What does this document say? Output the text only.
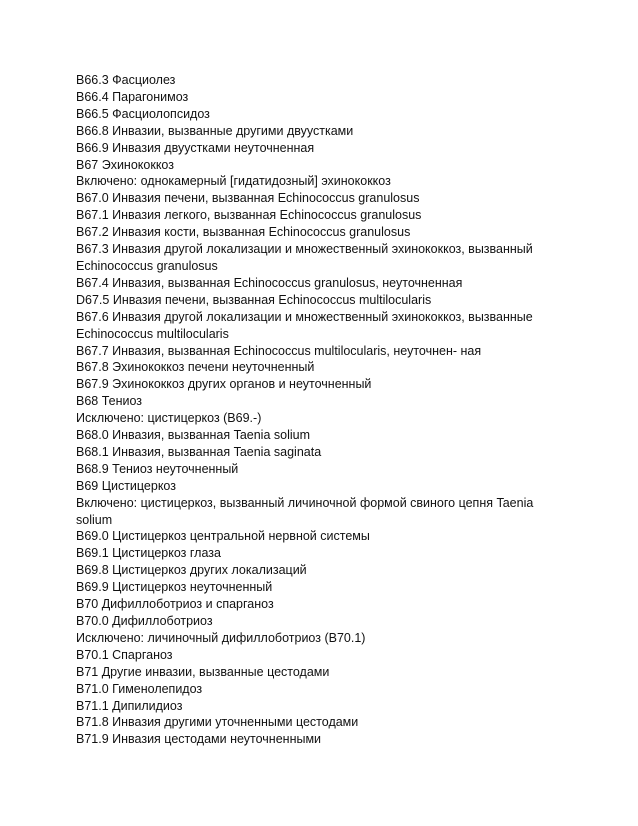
B66.3 Фасциолез
B66.4 Парагонимоз
B66.5 Фасциолопсидоз
B66.8 Инвазии, вызванные другими двуустками
B66.9 Инвазия двуустками неуточненная
B67 Эхинококкоз
Включено: однокамерный [гидатидозный] эхинококкоз
B67.0 Инвазия печени, вызванная Echinococcus granulosus
B67.1 Инвазия легкого, вызванная Echinococcus granulosus
B67.2 Инвазия кости, вызванная Echinococcus granulosus
B67.3 Инвазия другой локализации и множественный эхинококкоз, вызванный
Echinococcus granulosus
B67.4 Инвазия, вызванная Echinococcus granulosus, неуточненная
D67.5 Инвазия печени, вызванная Echinococcus multilocularis
B67.6 Инвазия другой локализации и множественный эхинококкоз, вызванные
Echinococcus multilocularis
B67.7 Инвазия, вызванная Echinococcus multilocularis, неуточнен- ная
B67.8 Эхинококкоз печени неуточненный
B67.9 Эхинококкоз других органов и неуточненный
B68 Тениоз
Исключено: цистицеркоз (B69.-)
B68.0 Инвазия, вызванная Taenia solium
B68.1 Инвазия, вызванная Taenia saginata
B68.9 Тениоз неуточненный
B69 Цистицеркоз
Включено: цистицеркоз, вызванный личиночной формой свиного цепня Taenia
solium
B69.0 Цистицеркоз центральной нервной системы
B69.1 Цистицеркоз глаза
B69.8 Цистицеркоз других локализаций
B69.9 Цистицеркоз неуточненный
B70 Дифиллоботриоз и спарганоз
B70.0 Дифиллоботриоз
Исключено: личиночный дифиллоботриоз (B70.1)
B70.1 Спарганоз
B71 Другие инвазии, вызванные цестодами
B71.0 Гименолепидоз
B71.1 Дипилидиоз
B71.8 Инвазия другими уточненными цестодами
B71.9 Инвазия цестодами неуточненными
